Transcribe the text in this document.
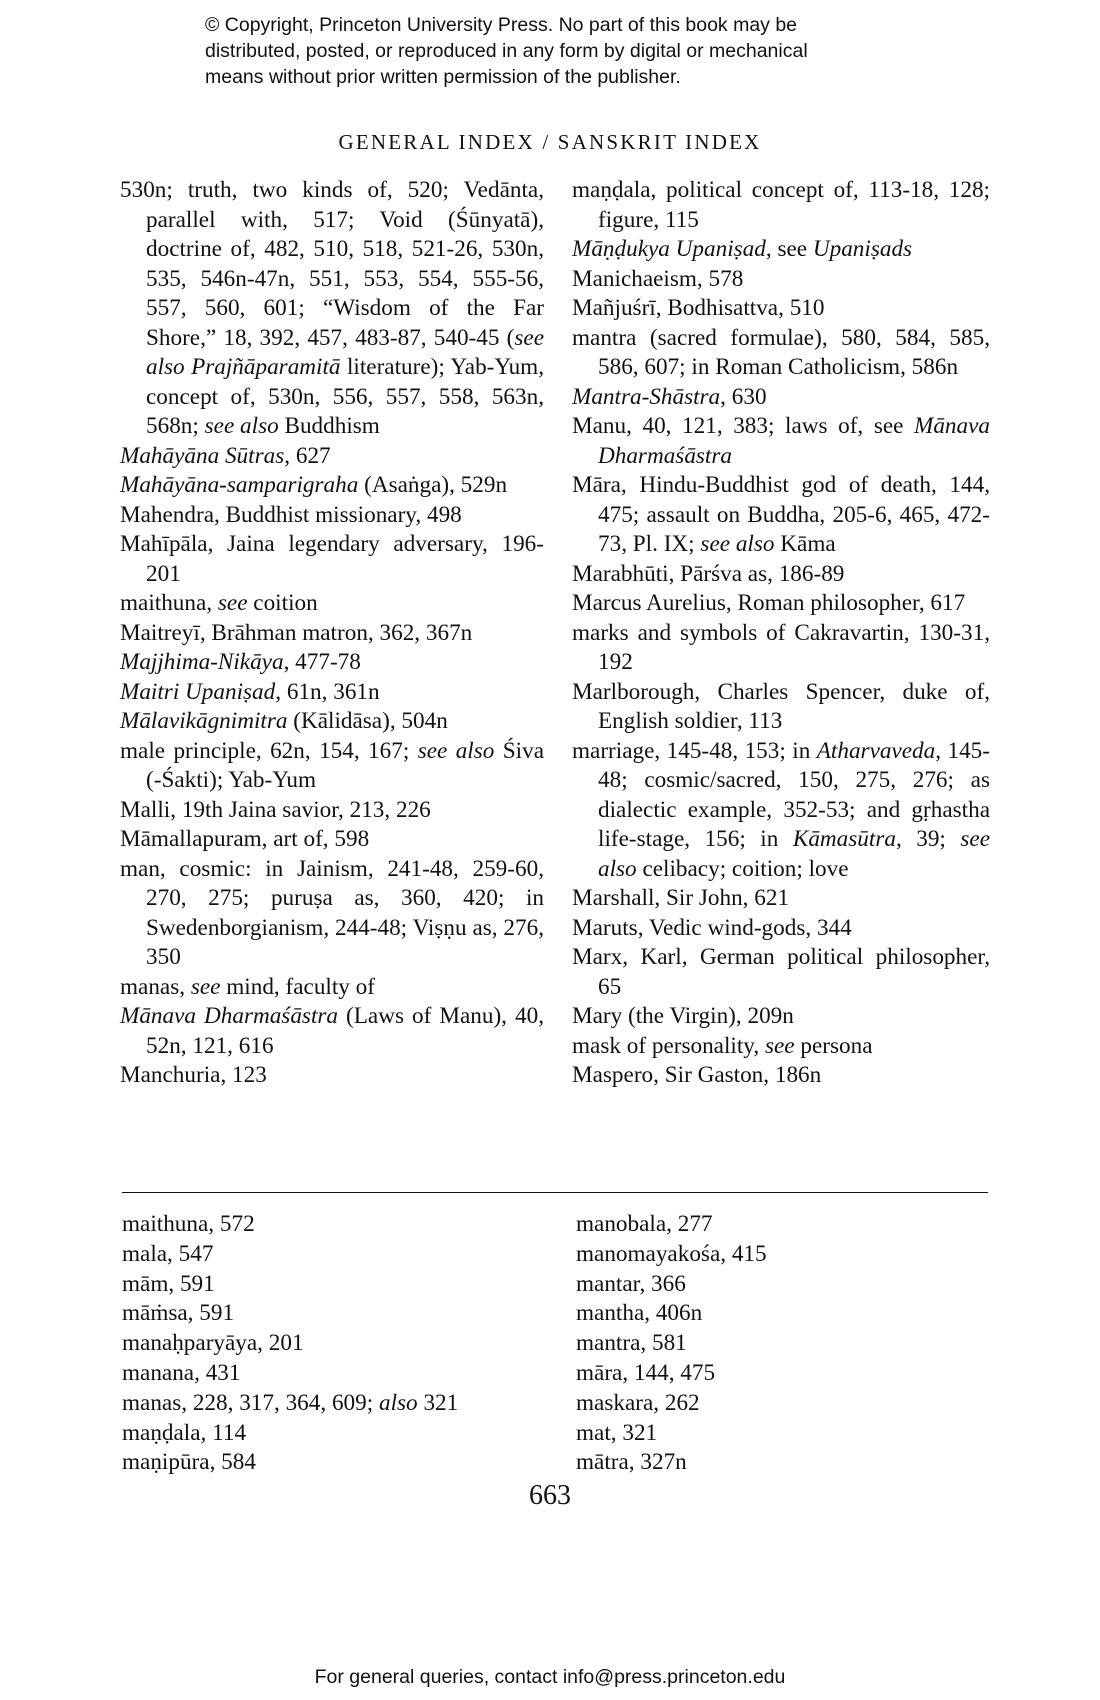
© Copyright, Princeton University Press. No part of this book may be
distributed, posted, or reproduced in any form by digital or mechanical
means without prior written permission of the publisher.
GENERAL INDEX / SANSKRIT INDEX
530n; truth, two kinds of, 520; Vedānta, parallel with, 517; Void (Śūnyatā), doctrine of, 482, 510, 518, 521-26, 530n, 535, 546n-47n, 551, 553, 554, 555-56, 557, 560, 601; “Wisdom of the Far Shore,” 18, 392, 457, 483-87, 540-45 (see also Prajñāparamitā literature); Yab-Yum, concept of, 530n, 556, 557, 558, 563n, 568n; see also Buddhism
Mahāyāna Sūtras, 627
Mahāyāna-samparigraha (Asaṅga), 529n
Mahendra, Buddhist missionary, 498
Mahīpāla, Jaina legendary adversary, 196-201
maithuna, see coition
Maitreyī, Brāhman matron, 362, 367n
Majjhima-Nikāya, 477-78
Maitri Upaniṣad, 61n, 361n
Mālavikāgnimitra (Kālidāsa), 504n
male principle, 62n, 154, 167; see also Śiva (-Śakti); Yab-Yum
Malli, 19th Jaina savior, 213, 226
Māmallapuram, art of, 598
man, cosmic: in Jainism, 241-48, 259-60, 270, 275; puruṣa as, 360, 420; in Swedenborgianism, 244-48; Viṣṇu as, 276, 350
manas, see mind, faculty of
Mānava Dharmaśāstra (Laws of Manu), 40, 52n, 121, 616
Manchuria, 123
maṇḍala, political concept of, 113-18, 128; figure, 115
Māṇḍukya Upaniṣad, see Upaniṣads
Manichaeism, 578
Mañjuśrī, Bodhisattva, 510
mantra (sacred formulae), 580, 584, 585, 586, 607; in Roman Catholicism, 586n
Mantra-Shāstra, 630
Manu, 40, 121, 383; laws of, see Mānava Dharmaśāstra
Māra, Hindu-Buddhist god of death, 144, 475; assault on Buddha, 205-6, 465, 472-73, Pl. IX; see also Kāma
Marabhūti, Pārśva as, 186-89
Marcus Aurelius, Roman philosopher, 617
marks and symbols of Cakravartin, 130-31, 192
Marlborough, Charles Spencer, duke of, English soldier, 113
marriage, 145-48, 153; in Atharvaveda, 145-48; cosmic/sacred, 150, 275, 276; as dialectic example, 352-53; and gṛhastha life-stage, 156; in Kāmasūtra, 39; see also celibacy; coition; love
Marshall, Sir John, 621
Maruts, Vedic wind-gods, 344
Marx, Karl, German political philosopher, 65
Mary (the Virgin), 209n
mask of personality, see persona
Maspero, Sir Gaston, 186n
maithuna, 572
mala, 547
mām, 591
māṁsa, 591
manaḥparyāya, 201
manana, 431
manas, 228, 317, 364, 609; also 321
maṇḍala, 114
maṇipūra, 584
manobala, 277
manomayakośa, 415
mantar, 366
mantha, 406n
mantra, 581
māra, 144, 475
maskara, 262
mat, 321
mātra, 327n
663
For general queries, contact info@press.princeton.edu
